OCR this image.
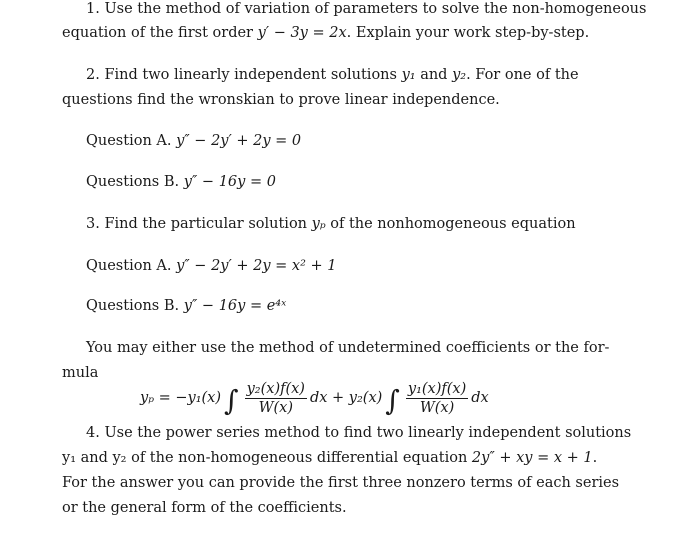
1. Use the method of variation of parameters to solve the non-homogeneous
equation of the first order y′ − 3y = 2x. Explain your work step-by-step.
2. Find two linearly independent solutions y₁ and y₂. For one of the
questions find the wronskian to prove linear independence.
Question A. y″ − 2y′ + 2y = 0
Questions B. y″ − 16y = 0
3. Find the particular solution yₚ of the nonhomogeneous equation
Question A. y″ − 2y′ + 2y = x² + 1
Questions B. y″ − 16y = e⁴ˣ
You may either use the method of undetermined coefficients or the for-
mula
yₚ = −y₁(x) ∫ $\frac{\text{y₂(x)f(x)}}{W(x)}$ dx + y₂(x) ∫ $\frac{\text{y₁(x)f(x)}}{W(x)}$ dx
4. Use the power series method to find two linearly independent solutions
y₁ and y₂ of the non-homogeneous differential equation 2y″ + xy = x + 1.
For the answer you can provide the first three nonzero terms of each series
or the general form of the coefficients.
